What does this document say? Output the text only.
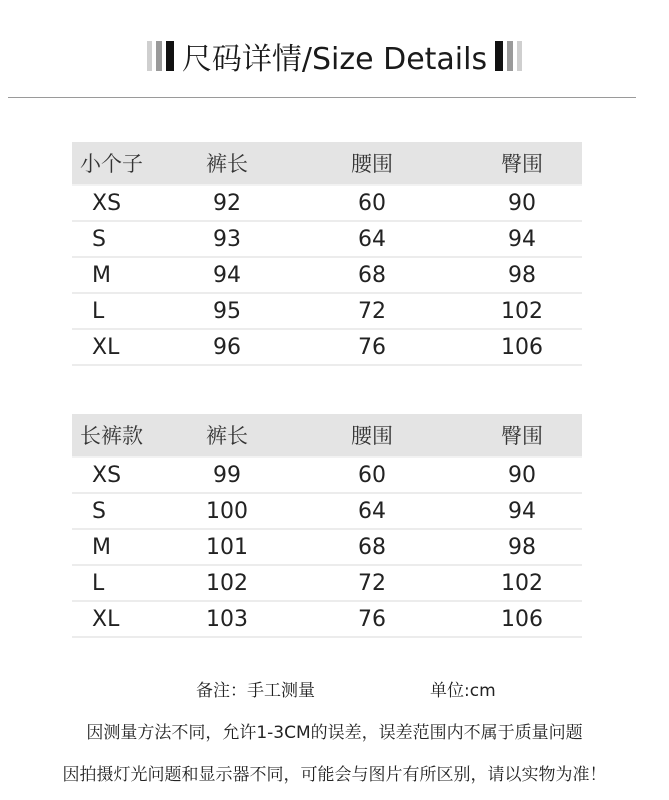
尺码详情/Size Details
小个子	裤长	腰围	臀围
XS	92	60	90
S	93	64	94
M	94	68	98
L	95	72	102
XL	96	76	106
长裤款	裤长	腰围	臀围
XS	99	60	90
S	100	64	94
M	101	68	98
L	102	72	102
XL	103	76	106
备注：手工测量	单位:cm
因测量方法不同，允许1-3CM的误差，误差范围内不属于质量问题
因拍摄灯光问题和显示器不同，可能会与图片有所区别，请以实物为准！
